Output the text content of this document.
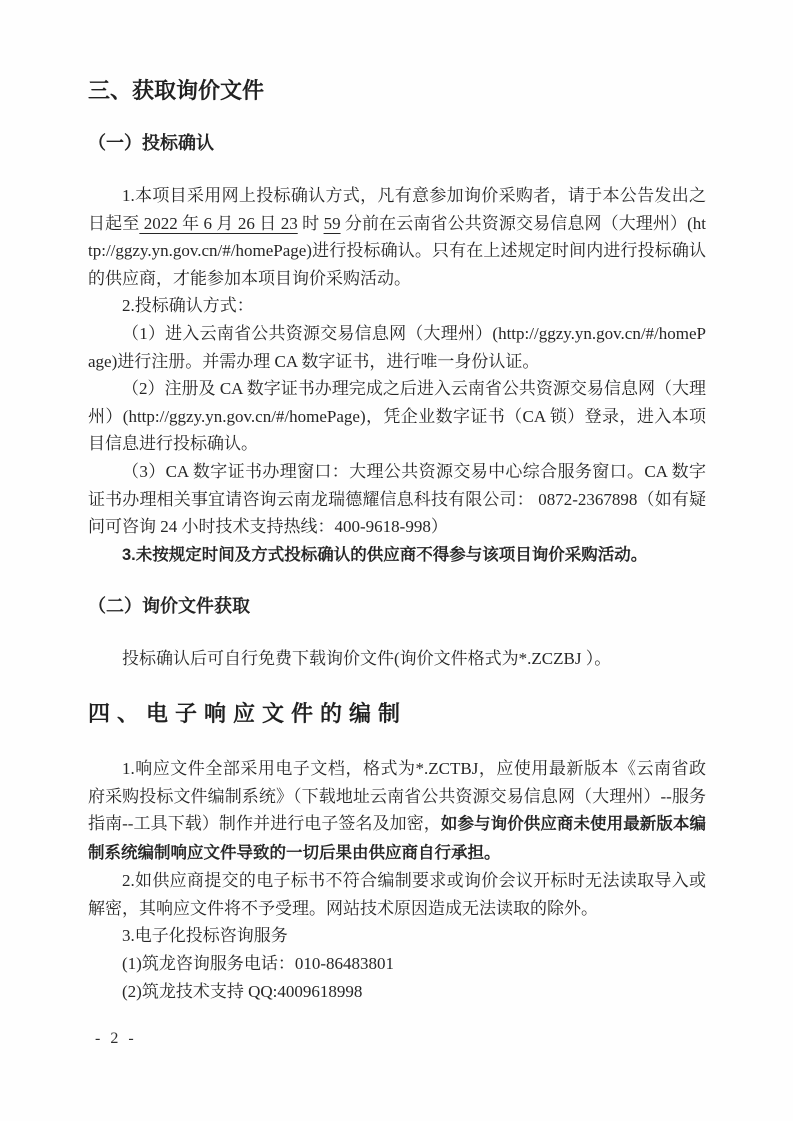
三、获取询价文件
（一）投标确认

1.本项目采用网上投标确认方式，凡有意参加询价采购者，请于本公告发出之日起至 2022 年 6 月 26 日 23 时 59 分前在云南省公共资源交易信息网（大理州）(http://ggzy.yn.gov.cn/#/homePage)进行投标确认。只有在上述规定时间内进行投标确认的供应商，才能参加本项目询价采购活动。

2.投标确认方式：

（1）进入云南省公共资源交易信息网（大理州）(http://ggzy.yn.gov.cn/#/homePage)进行注册。并需办理 CA 数字证书，进行唯一身份认证。

（2）注册及 CA 数字证书办理完成之后进入云南省公共资源交易信息网（大理州）(http://ggzy.yn.gov.cn/#/homePage)，凭企业数字证书（CA 锁）登录，进入本项目信息进行投标确认。

（3）CA 数字证书办理窗口：大理公共资源交易中心综合服务窗口。CA 数字证书办理相关事宜请咨询云南龙瑞德耀信息科技有限公司： 0872-2367898（如有疑问可咨询 24 小时技术支持热线：400-9618-998）

3.未按规定时间及方式投标确认的供应商不得参与该项目询价采购活动。

（二）询价文件获取

投标确认后可自行免费下载询价文件(询价文件格式为*.ZCZBJ ）。

四、电子响应文件的编制

1.响应文件全部采用电子文档，格式为*.ZCTBJ，应使用最新版本《云南省政府采购投标文件编制系统》（下载地址云南省公共资源交易信息网（大理州）--服务指南--工具下载）制作并进行电子签名及加密，如参与询价供应商未使用最新版本编制系统编制响应文件导致的一切后果由供应商自行承担。

2.如供应商提交的电子标书不符合编制要求或询价会议开标时无法读取导入或解密，其响应文件将不予受理。网站技术原因造成无法读取的除外。

3.电子化投标咨询服务

(1)筑龙咨询服务电话：010-86483801

(2)筑龙技术支持 QQ:4009618998

- 2 -
